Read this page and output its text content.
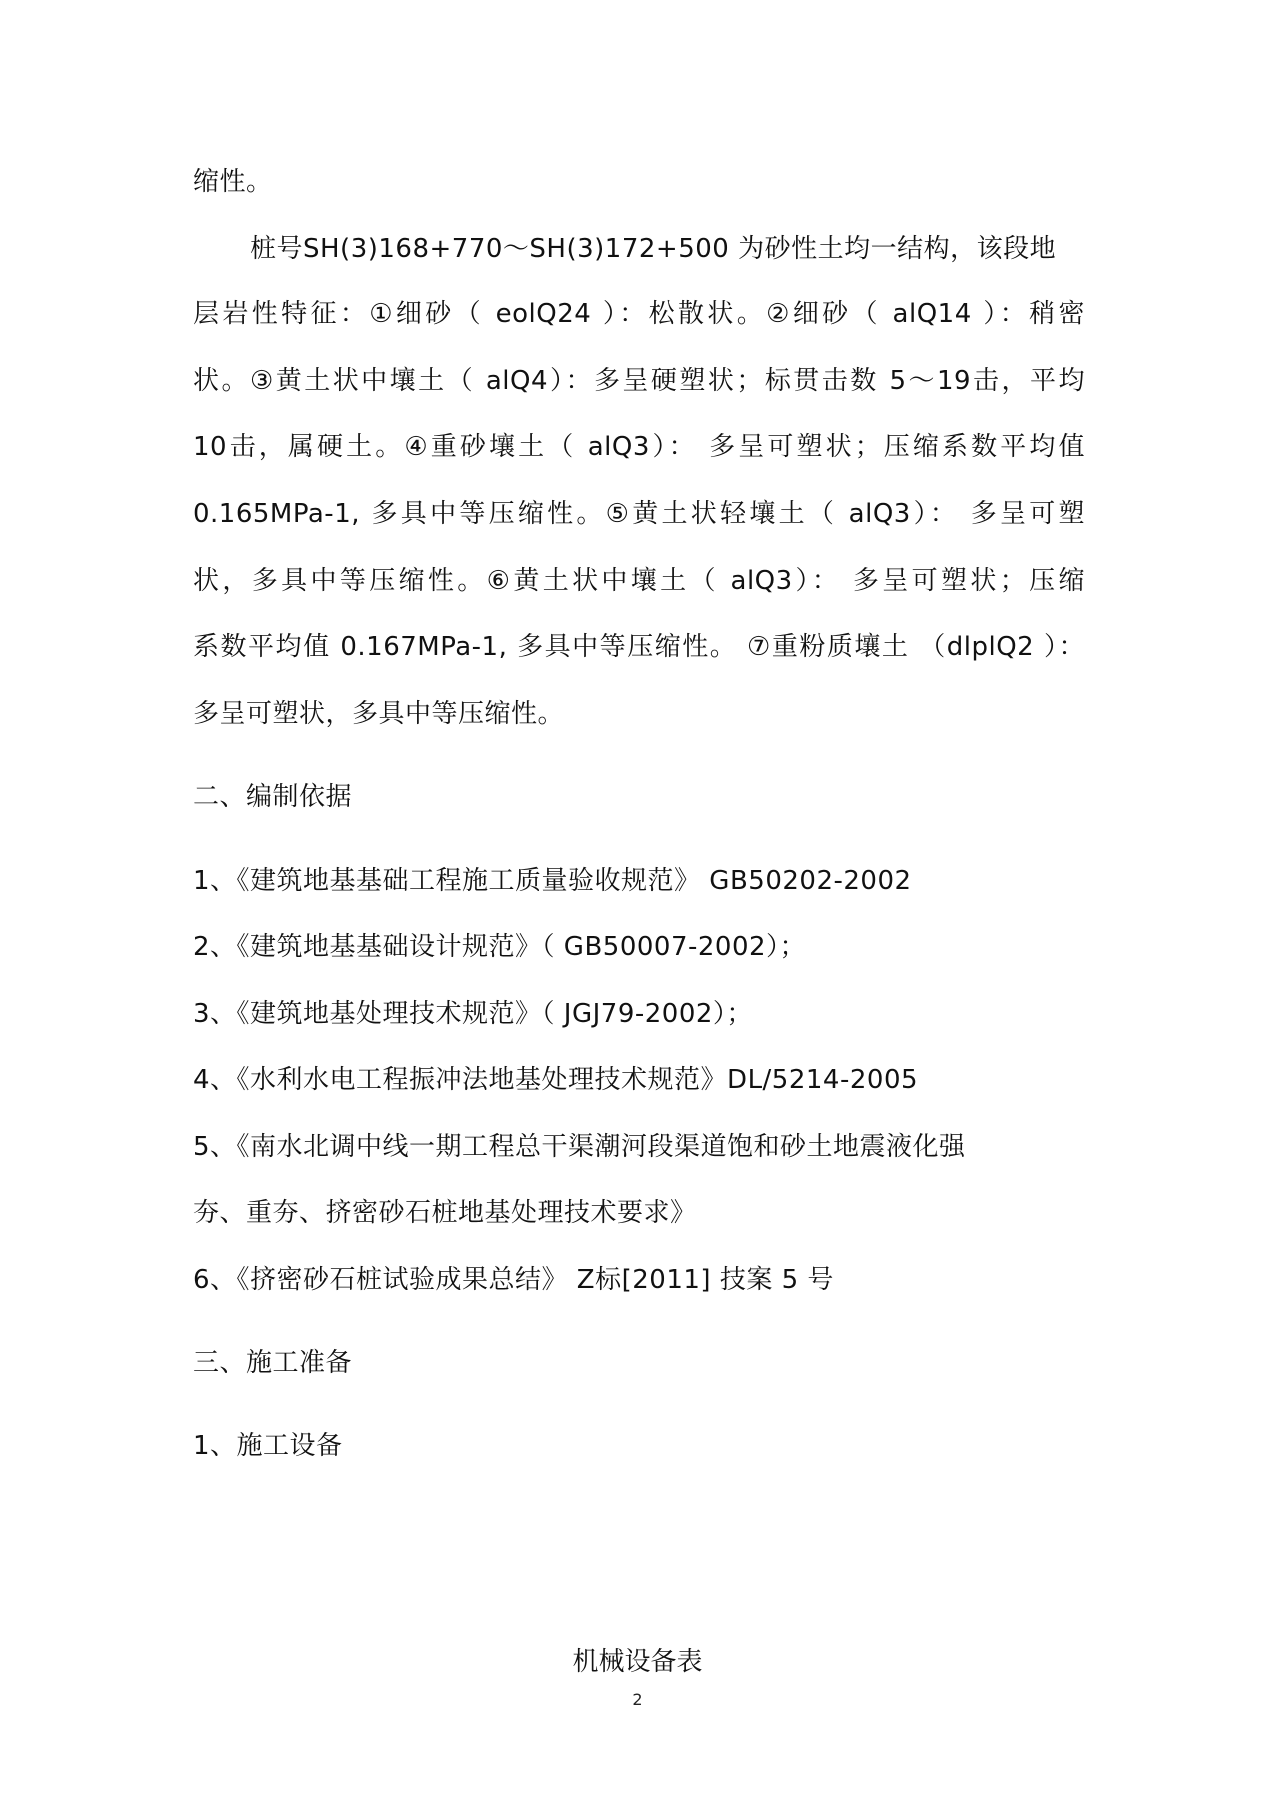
缩性。
桩号SH(3)168+770～SH(3)172+500 为砂性土均一结构，该段地
层岩性特征：①细砂（ eolQ24 ）：松散状。②细砂（ alQ14 ）：稍密
状。③黄土状中壤土（ alQ4）：多呈硬塑状；标贯击数 5～19击，平均
10击，属硬土。④重砂壤土（ alQ3）： 多呈可塑状；压缩系数平均值
0.165MPa-1, 多具中等压缩性。⑤黄土状轻壤土（ alQ3）： 多呈可塑
状，多具中等压缩性。⑥黄土状中壤土（ alQ3）： 多呈可塑状；压缩
系数平均值 0.167MPa-1, 多具中等压缩性。 ⑦重粉质壤土 （dlplQ2 ）：
多呈可塑状，多具中等压缩性。
二、编制依据
1、《建筑地基基础工程施工质量验收规范》 GB50202-2002
2、《建筑地基基础设计规范》（ GB50007-2002）；
3、《建筑地基处理技术规范》（ JGJ79-2002）；
4、《水利水电工程振冲法地基处理技术规范》DL/5214-2005
5、《南水北调中线一期工程总干渠潮河段渠道饱和砂土地震液化强
夯、重夯、挤密砂石桩地基处理技术要求》
6、《挤密砂石桩试验成果总结》 Z标[2011] 技案 5 号
三、施工准备
1、施工设备
机械设备表
2
